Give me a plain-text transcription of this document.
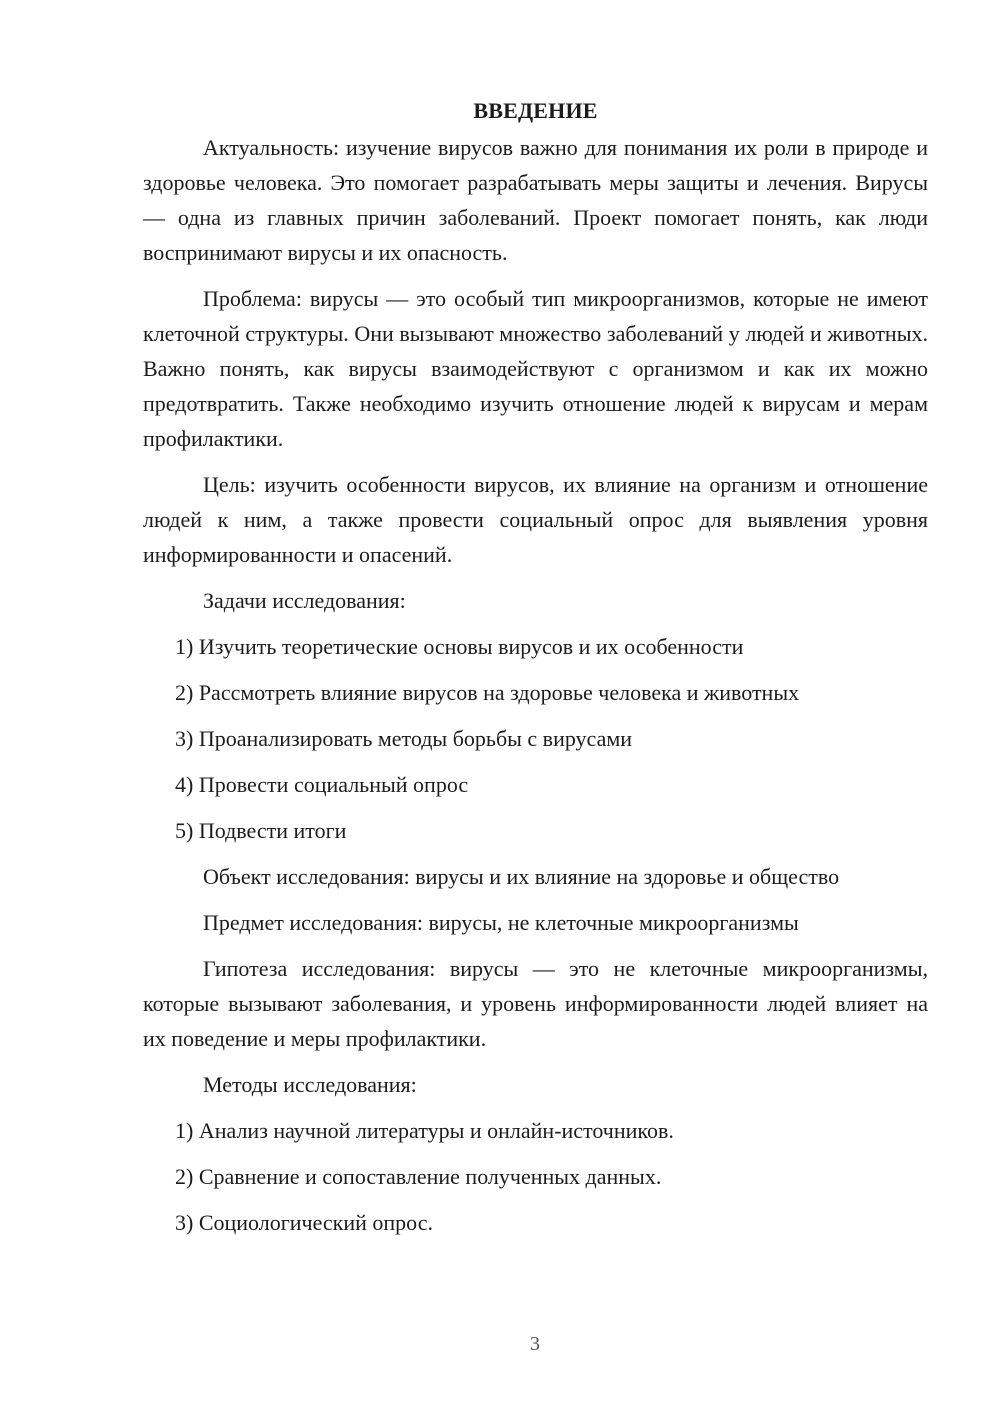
ВВЕДЕНИЕ

Актуальность: изучение вирусов важно для понимания их роли в природе и здоровье человека. Это помогает разрабатывать меры защиты и лечения. Вирусы — одна из главных причин заболеваний. Проект помогает понять, как люди воспринимают вирусы и их опасность.

Проблема: вирусы — это особый тип микроорганизмов, которые не имеют клеточной структуры. Они вызывают множество заболеваний у людей и животных. Важно понять, как вирусы взаимодействуют с организмом и как их можно предотвратить. Также необходимо изучить отношение людей к вирусам и мерам профилактики.

Цель: изучить особенности вирусов, их влияние на организм и отношение людей к ним, а также провести социальный опрос для выявления уровня информированности и опасений.

Задачи исследования:

1) Изучить теоретические основы вирусов и их особенности
2) Рассмотреть влияние вирусов на здоровье человека и животных
3) Проанализировать методы борьбы с вирусами
4) Провести социальный опрос
5) Подвести итоги

Объект исследования: вирусы и их влияние на здоровье и общество

Предмет исследования: вирусы, не клеточные микроорганизмы

Гипотеза исследования: вирусы — это не клеточные микроорганизмы, которые вызывают заболевания, и уровень информированности людей влияет на их поведение и меры профилактики.

Методы исследования:

1) Анализ научной литературы и онлайн-источников.
2) Сравнение и сопоставление полученных данных.
3) Социологический опрос.
3
